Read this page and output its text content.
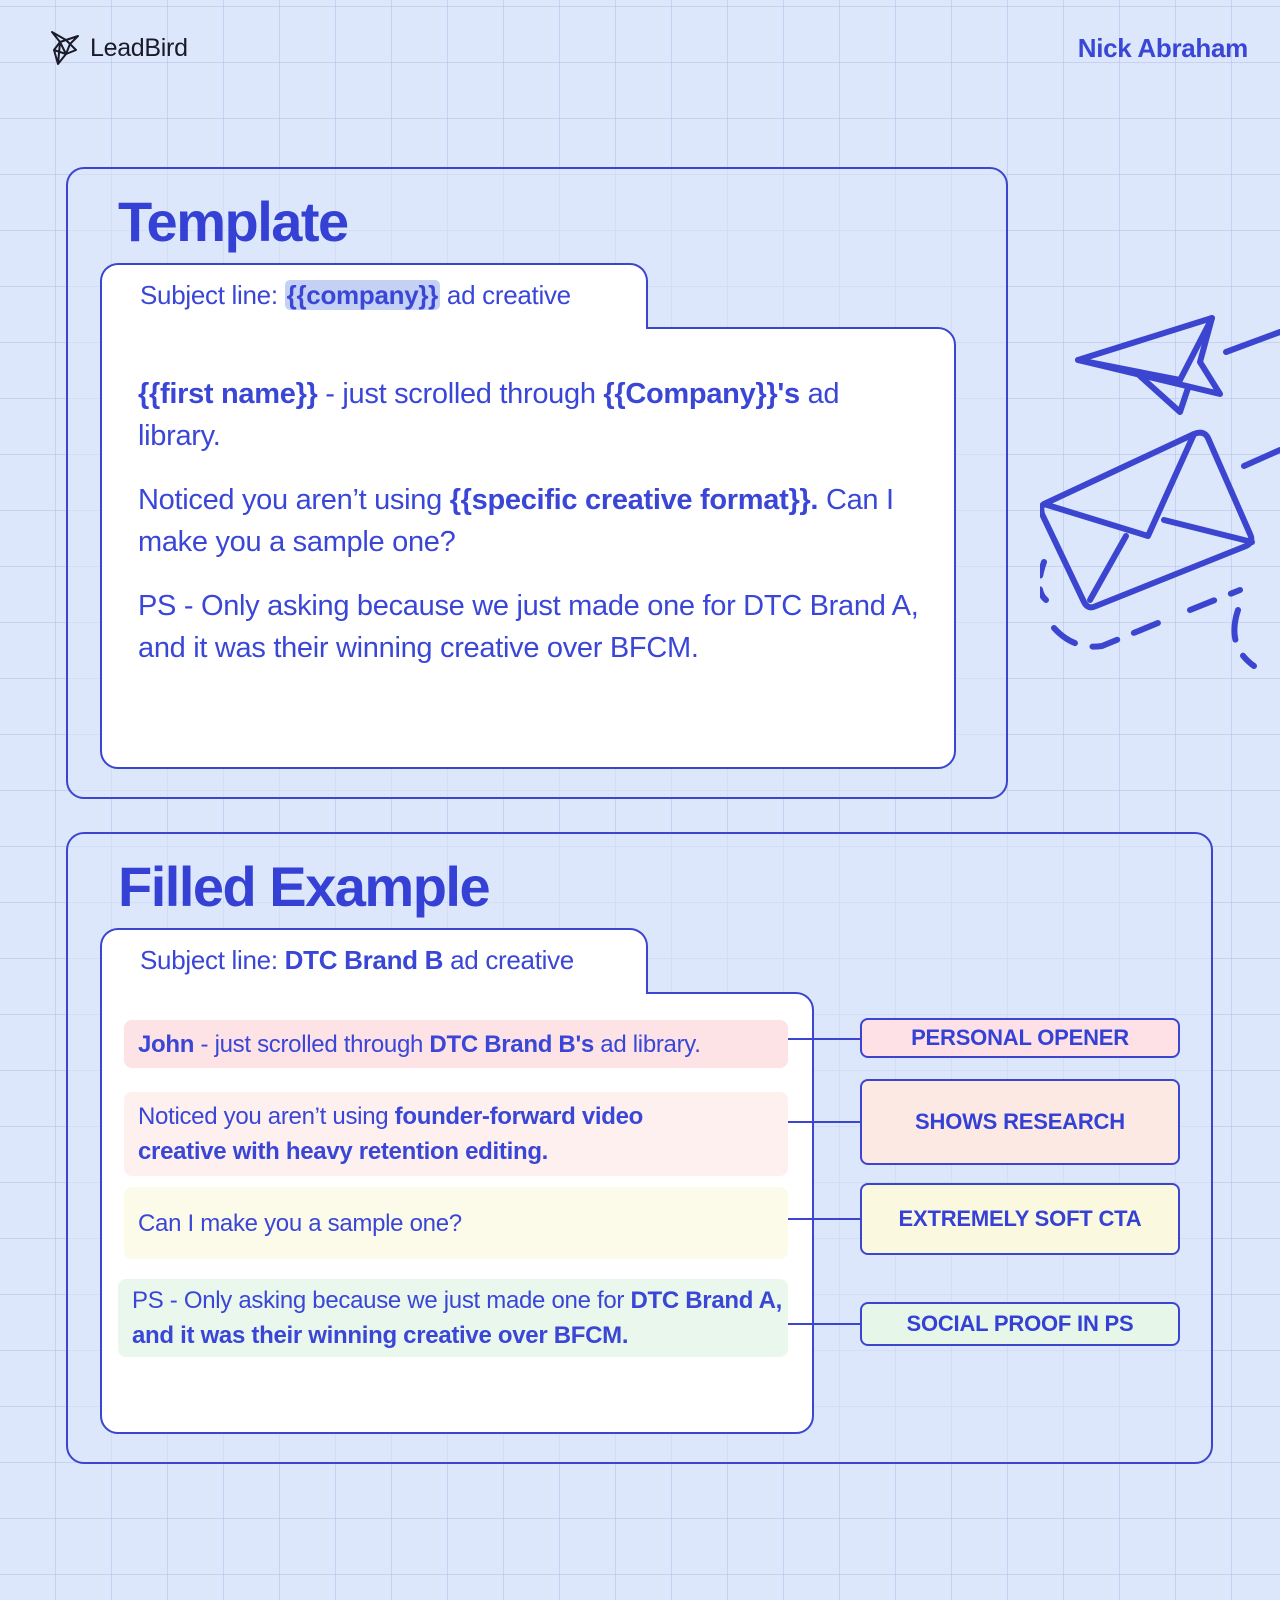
LeadBird	Nick Abraham
Template
Subject line: {{company}} ad creative

{{first name}} - just scrolled through {{Company}}'s ad library.

Noticed you aren’t using {{specific creative format}}. Can I make you a sample one?

PS - Only asking because we just made one for DTC Brand A, and it was their winning creative over BFCM.

Filled Example
Subject line: DTC Brand B ad creative
John - just scrolled through DTC Brand B's ad library.
Noticed you aren’t using founder-forward video creative with heavy retention editing.
Can I make you a sample one?
PS - Only asking because we just made one for DTC Brand A, and it was their winning creative over BFCM.
PERSONAL OPENER
SHOWS RESEARCH
EXTREMELY SOFT CTA
SOCIAL PROOF IN PS
